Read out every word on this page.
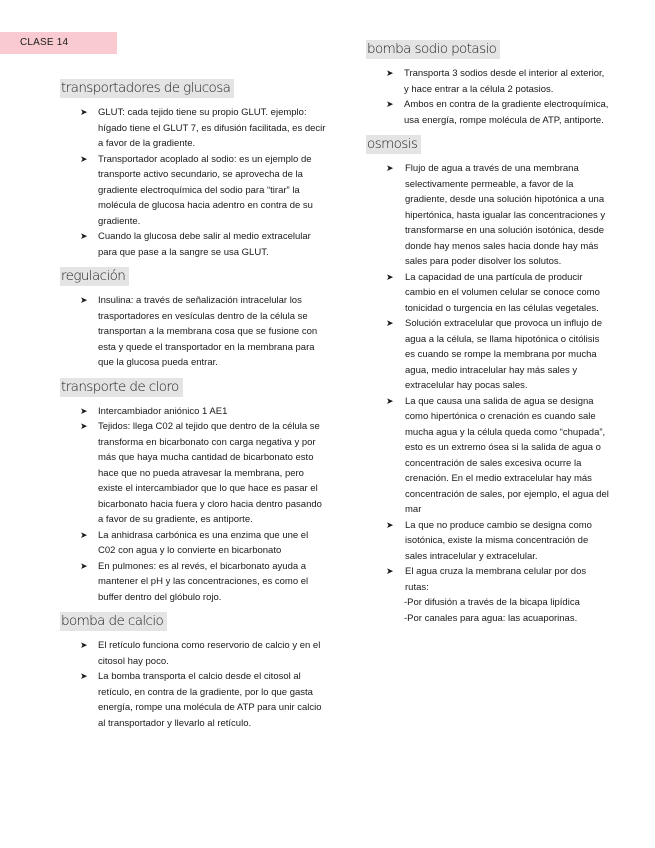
CLASE 14
transportadores de glucosa
➤ GLUT: cada tejido tiene su propio GLUT. ejemplo: hígado tiene el GLUT 7, es difusión facilitada, es decir a favor de la gradiente.
➤ Transportador acoplado al sodio: es un ejemplo de transporte activo secundario, se aprovecha de la gradiente electroquímica del sodio para “tirar” la molécula de glucosa hacia adentro en contra de su gradiente.
➤ Cuando la glucosa debe salir al medio extracelular para que pase a la sangre se usa GLUT.
regulación
➤ Insulina: a través de señalización intracelular los trasportadores en vesículas dentro de la célula se transportan a la membrana cosa que se fusione con esta y quede el transportador en la membrana para que la glucosa pueda entrar.
transporte de cloro
➤ Intercambiador aniónico 1 AE1
➤ Tejidos: llega C02 al tejido que dentro de la célula se transforma en bicarbonato con carga negativa y por más que haya mucha cantidad de bicarbonato esto hace que no pueda atravesar la membrana, pero existe el intercambiador que lo que hace es pasar el bicarbonato hacia fuera y cloro hacia dentro pasando a favor de su gradiente, es antiporte.
➤ La anhidrasa carbónica es una enzima que une el C02 con agua y lo convierte en bicarbonato
➤ En pulmones: es al revés, el bicarbonato ayuda a mantener el pH y las concentraciones, es como el buffer dentro del glóbulo rojo.
bomba de calcio
➤ El retículo funciona como reservorio de calcio y en el citosol hay poco.
➤ La bomba transporta el calcio desde el citosol al retículo, en contra de la gradiente, por lo que gasta energía, rompe una molécula de ATP para unir calcio al transportador y llevarlo al retículo.
bomba sodio potasio
➤ Transporta 3 sodios desde el interior al exterior, y hace entrar a la célula 2 potasios.
➤ Ambos en contra de la gradiente electroquímica, usa energía, rompe molécula de ATP, antiporte.
osmosis
➤ Flujo de agua a través de una membrana selectivamente permeable, a favor de la gradiente, desde una solución hipotónica a una hipertónica, hasta igualar las concentraciones y transformarse en una solución isotónica, desde donde hay menos sales hacia donde hay más sales para poder disolver los solutos.
➤ La capacidad de una partícula de producir cambio en el volumen celular se conoce como tonicidad o turgencia en las células vegetales.
➤ Solución extracelular que provoca un influjo de agua a la célula, se llama hipotónica o citólisis es cuando se rompe la membrana por mucha agua, medio intracelular hay más sales y extracelular hay pocas sales.
➤ La que causa una salida de agua se designa como hipertónica o crenación es cuando sale mucha agua y la célula queda como “chupada”, esto es un extremo ósea si la salida de agua o concentración de sales excesiva ocurre la crenación. En el medio extracelular hay más concentración de sales, por ejemplo, el agua del mar
➤ La que no produce cambio se designa como isotónica, existe la misma concentración de sales intracelular y extracelular.
➤ El agua cruza la membrana celular por dos rutas:
-Por difusión a través de la bicapa lipídica
-Por canales para agua: las acuaporinas.
